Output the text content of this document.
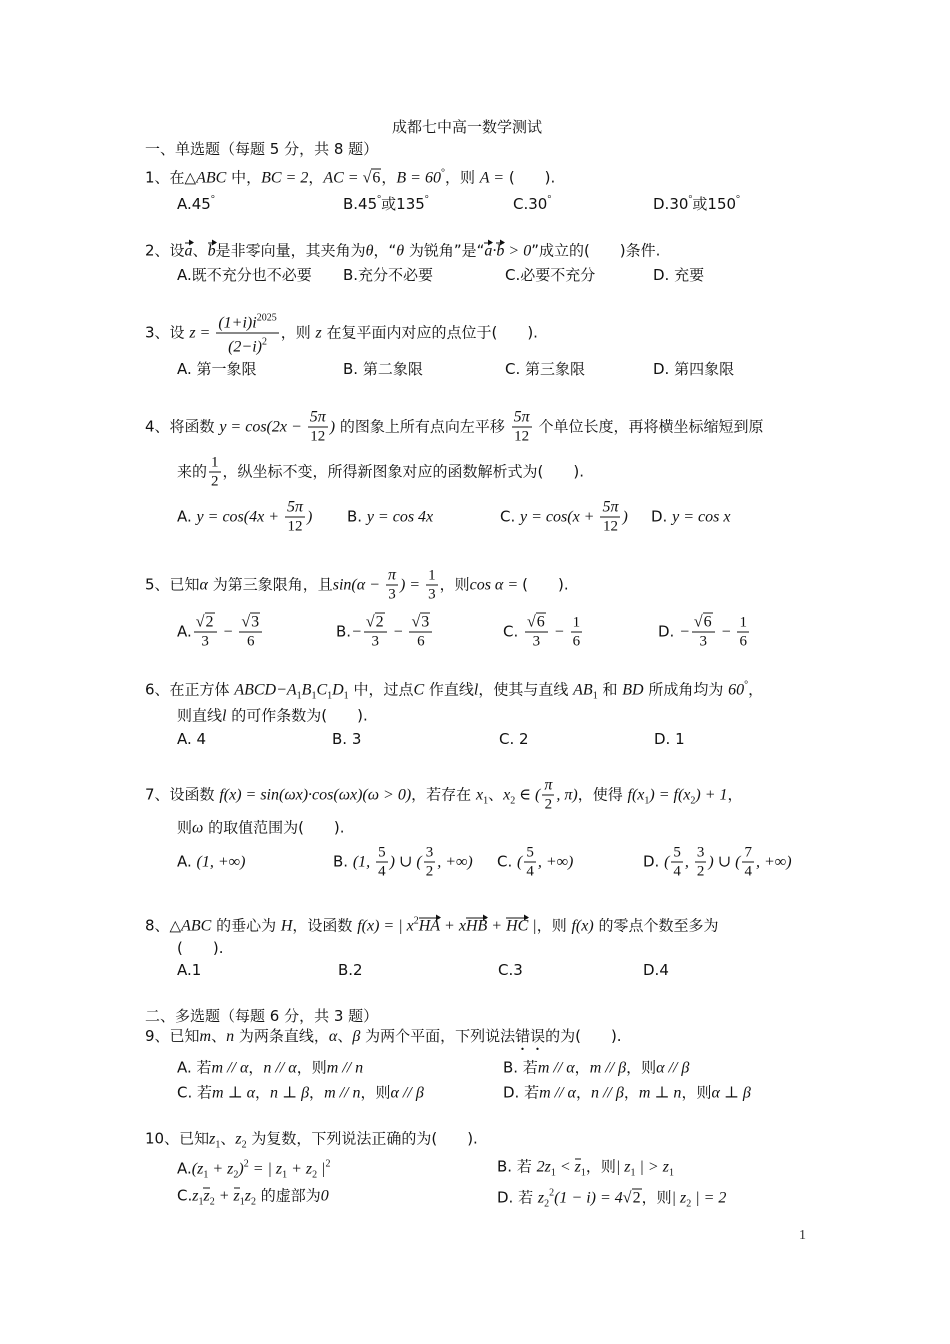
成都七中高一数学测试
一、单选题（每题 5 分，共 8 题）
1、在△ABC 中，BC = 2，AC = √6，B = 60°，则 A = (　　).
A.45°	B.45°或135°	C.30°	D.30°或150°
2、设a、b是非零向量，其夹角为θ，“θ 为锐角”是“a·b > 0”成立的(　　)条件.
A.既不充分也不必要 B.充分不必要	C.必要不充分	D. 充要
3、设 $z = \frac{(1+i)i^{2025}}{(2-i)^2}$ ，则 z 在复平面内对应的点位于(　　).
A. 第一象限	B. 第二象限	C. 第三象限	D. 第四象限
4、将函数 $y = \cos(2x - \frac{5\pi}{12}$ ) 的图象上所有点向左平移 $\frac{5\pi}{12}$ 个单位长度，再将横坐标缩短到原
来的 $\frac{1}{2}$ ，纵坐标不变，所得新图象对应的函数解析式为(　　).
A. $y = \cos(4x + \frac{5\pi}{12}$ ) B. y = cos 4x	C. $y = \cos(x + \frac{5\pi}{12}$ ) D. y = cos x
5、已知α 为第三象限角，且$\sin(\alpha - \frac{\pi}{3}$ ) = $\frac{1}{3}$ ，则cos α = (　　).
A. $\frac{√2}{3} - \frac{√3}{6}$	$B.- \frac{√2}{3} - \frac{√3}{6}$	C. $\frac{√6}{3} - \frac{1}{6}$	D. − $\frac{√6}{3} - \frac{1}{6}$
6、在正方体 $ABCD-A_1B_1C_1D_1$ 中，过点C 作直线l，使其与直线 $AB_1$ 和 BD 所成角均为 60°，
则直线l 的可作条数为(　　).
A. 4	B. 3	C. 2	D. 1
7、设函数 f(x) = sin(ωx)·cos(ωx)(ω > 0)，若存在 $x_1$、$x_2$ ∈ ( $\frac{\pi}{2}$ , π)，使得 $f(x_1) = f(x_2) + 1$，
则ω 的取值范围为(　　).
A. (1, +∞)	B. (1, $\frac{5}{4}$ ) ∪ ( $\frac{3}{2}$ , +∞) C. ( $\frac{5}{4}$ , +∞)	D. ( $\frac{5}{4}$ , $\frac{3}{2}$ ) ∪ ( $\frac{7}{4}$ , +∞)
8、△ABC 的垂心为 H，设函数 f(x) = | $x^2HA$ + xHB + HC |，则 f(x) 的零点个数至多为
(　　).
A.1	B.2	C.3	D.4
二、多选题（每题 6 分，共 3 题）
9、已知m、n 为两条直线，α、β 为两个平面，下列说法错误的为(　　).
A. 若m // α，n // α，则m // n	B. 若m // α，m // β，则α // β
C. 若m ⊥ α，n ⊥ β，m // n，则α // β	D. 若m // α，n // β，m ⊥ n，则α ⊥ β
10、已知$z_1$、$z_2$ 为复数，下列说法正确的为(　　).
$A.(z_1 + z_2)^2$ = | $z_1 + z_2$ $|^2$	B. 若 $2z_1 < z_1$，则| $z_1$ | > $z_1$
$C.z_1z_2 + z_1z_2$ 的虚部为0	D. 若 $z_2^2(1 - i) = 4√2$，则| $z_2$ | = 2
1
